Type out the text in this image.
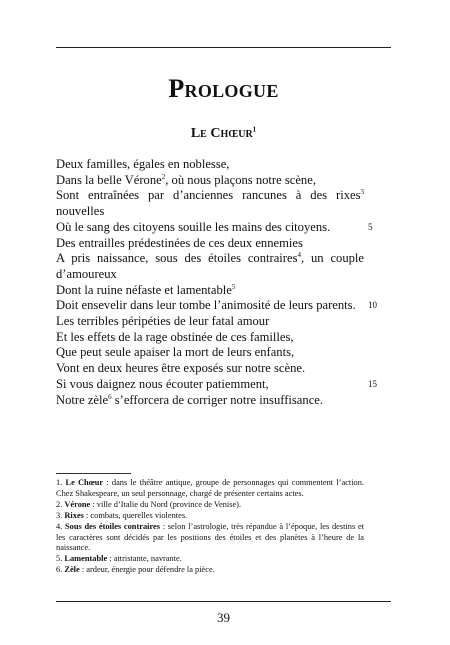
Prologue
Le Chœur$^1$
Deux familles, égales en noblesse,
Dans la belle Vérone$^2$, où nous plaçons notre scène,
Sont entraînées par d’anciennes rancunes à des rixes$^3$
nouvelles
Où le sang des citoyens souille les mains des citoyens.	5
Des entrailles prédestinées de ces deux ennemies
A pris naissance, sous des étoiles contraires$^4$, un couple
d’amoureux
Dont la ruine néfaste et lamentable$^5$
Doit ensevelir dans leur tombe l’animosité de leurs parents. 10
Les terribles péripéties de leur fatal amour
Et les effets de la rage obstinée de ces familles,
Que peut seule apaiser la mort de leurs enfants,
Vont en deux heures être exposés sur notre scène.
Si vous daignez nous écouter patiemment,	15
Notre zèle$^6$ s’efforcera de corriger notre insuffisance.
1. Le Chœur : dans le théâtre antique, groupe de personnages qui commentent l’action. Chez Shakespeare, un seul personnage, chargé de présenter certains actes.
2. Vérone : ville d’Italie du Nord (province de Venise).
3. Rixes : combats, querelles violentes.
4. Sous des étoiles contraires : selon l’astrologie, très répandue à l’époque, les destins et les caractères sont décidés par les positions des étoiles et des planètes à l’heure de la naissance.
5. Lamentable : attristante, navrante.
6. Zèle : ardeur, énergie pour défendre la pièce.
39
